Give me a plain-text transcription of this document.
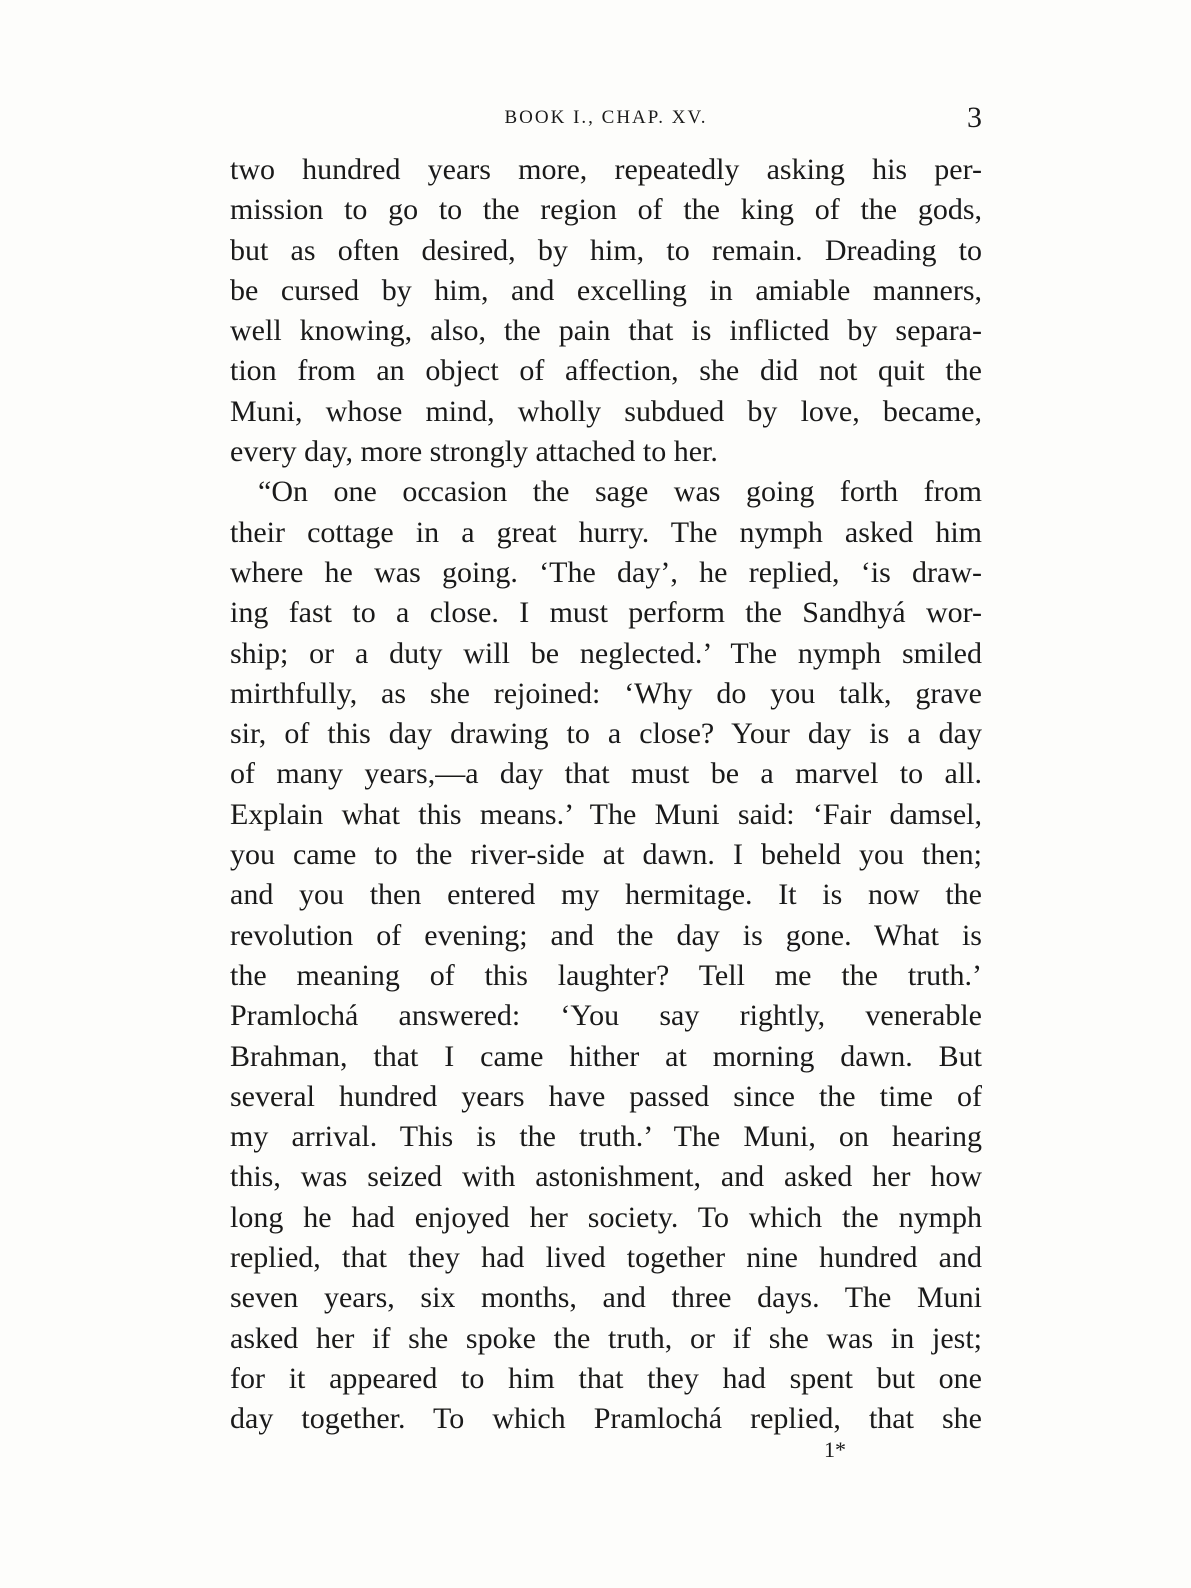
BOOK I., CHAP. XV.	3
two hundred years more, repeatedly asking his per-
mission to go to the region of the king of the gods,
but as often desired, by him, to remain. Dreading to
be cursed by him, and excelling in amiable manners,
well knowing, also, the pain that is inflicted by separa-
tion from an object of affection, she did not quit the
Muni, whose mind, wholly subdued by love, became,
every day, more strongly attached to her.
“On one occasion the sage was going forth from
their cottage in a great hurry. The nymph asked him
where he was going. ‘The day’, he replied, ‘is draw-
ing fast to a close. I must perform the Sandhyá wor-
ship; or a duty will be neglected.’ The nymph smiled
mirthfully, as she rejoined: ‘Why do you talk, grave
sir, of this day drawing to a close? Your day is a day
of many years,—a day that must be a marvel to all.
Explain what this means.’ The Muni said: ‘Fair damsel,
you came to the river-side at dawn. I beheld you then;
and you then entered my hermitage. It is now the
revolution of evening; and the day is gone. What is
the meaning of this laughter? Tell me the truth.’
Pramlochá answered: ‘You say rightly, venerable
Brahman, that I came hither at morning dawn. But
several hundred years have passed since the time of
my arrival. This is the truth.’ The Muni, on hearing
this, was seized with astonishment, and asked her how
long he had enjoyed her society. To which the nymph
replied, that they had lived together nine hundred and
seven years, six months, and three days. The Muni
asked her if she spoke the truth, or if she was in jest;
for it appeared to him that they had spent but one
day together. To which Pramlochá replied, that she
1*
